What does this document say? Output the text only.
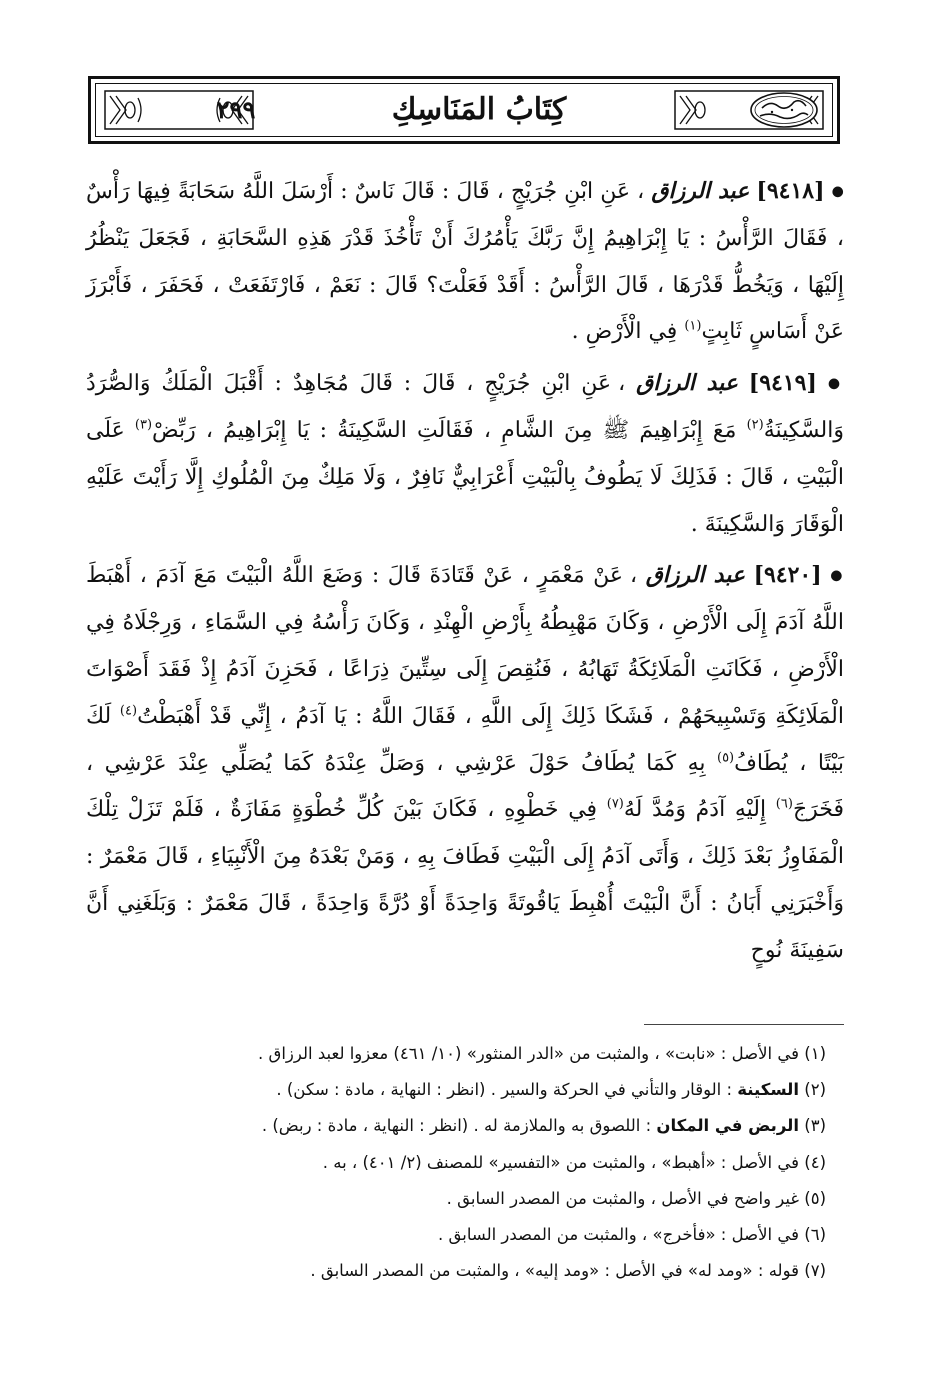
٢٩٩	كِتَابُ المَنَاسِكِ

● [٩٤١٨] عبد الرزاق ، عَنِ ابْنِ جُرَيْجٍ ، قَالَ : قَالَ نَاسٌ : أَرْسَلَ اللَّهُ سَحَابَةً فِيهَا رَأْسٌ ، فَقَالَ الرَّأْسُ : يَا إِبْرَاهِيمُ إِنَّ رَبَّكَ يَأْمُرُكَ أَنْ تَأْخُذَ قَدْرَ هَذِهِ السَّحَابَةِ ، فَجَعَلَ يَنْظُرُ إِلَيْهَا ، وَيَخُطُّ قَدْرَهَا ، قَالَ الرَّأْسُ : أَقَدْ فَعَلْتَ؟ قَالَ : نَعَمْ ، فَارْتَفَعَتْ ، فَحَفَرَ ، فَأَبْرَزَ عَنْ أَسَاسٍ ثَابِتٍ$^{(١)}$ فِي الْأَرْضِ .

● [٩٤١٩] عبد الرزاق ، عَنِ ابْنِ جُرَيْجٍ ، قَالَ : قَالَ مُجَاهِدٌ : أَقْبَلَ الْمَلَكُ وَالصُّرَدُ وَالسَّكِينَةُ$^{(٢)}$ مَعَ إِبْرَاهِيمَ ﷺ مِنَ الشَّامِ ، فَقَالَتِ السَّكِينَةُ : يَا إِبْرَاهِيمُ ، رَبِّضْ$^{(٣)}$ عَلَى الْبَيْتِ ، قَالَ : فَذَلِكَ لَا يَطُوفُ بِالْبَيْتِ أَعْرَابِيٌّ نَافِرٌ ، وَلَا مَلِكٌ مِنَ الْمُلُوكِ إِلَّا رَأَيْتَ عَلَيْهِ الْوَقَارَ وَالسَّكِينَةَ .

● [٩٤٢٠] عبد الرزاق ، عَنْ مَعْمَرٍ ، عَنْ قَتَادَةَ قَالَ : وَضَعَ اللَّهُ الْبَيْتَ مَعَ آدَمَ ، أَهْبَطَ اللَّهُ آدَمَ إِلَى الْأَرْضِ ، وَكَانَ مَهْبِطُهُ بِأَرْضِ الْهِنْدِ ، وَكَانَ رَأْسُهُ فِي السَّمَاءِ ، وَرِجْلَاهُ فِي الْأَرْضِ ، فَكَانَتِ الْمَلَائِكَةُ تَهَابُهُ ، فَنُقِصَ إِلَى سِتِّينَ ذِرَاعًا ، فَحَزِنَ آدَمُ إِذْ فَقَدَ أَصْوَاتَ الْمَلَائِكَةِ وَتَسْبِيحَهُمْ ، فَشَكَا ذَلِكَ إِلَى اللَّهِ ، فَقَالَ اللَّهُ : يَا آدَمُ ، إِنِّي قَدْ أَهْبَطْتُ$^{(٤)}$ لَكَ بَيْتًا ، يُطَافُ$^{(٥)}$ بِهِ كَمَا يُطَافُ حَوْلَ عَرْشِي ، وَصَلِّ عِنْدَهُ كَمَا يُصَلِّي عِنْدَ عَرْشِي ، فَخَرَجَ$^{(٦)}$ إِلَيْهِ آدَمُ وَمُدَّ لَهُ$^{(٧)}$ فِي خَطْوِهِ ، فَكَانَ بَيْنَ كُلِّ خُطْوَةٍ مَفَازَةٌ ، فَلَمْ تَزَلْ تِلْكَ الْمَفَاوِزُ بَعْدَ ذَلِكَ ، وَأَتَى آدَمُ إِلَى الْبَيْتِ فَطَافَ بِهِ ، وَمَنْ بَعْدَهُ مِنَ الْأَنْبِيَاءِ ، قَالَ مَعْمَرٌ : وَأَخْبَرَنِي أَبَانُ : أَنَّ الْبَيْتَ أُهْبِطَ يَاقُوتَةً وَاحِدَةً أَوْ دُرَّةً وَاحِدَةً ، قَالَ مَعْمَرٌ : وَبَلَغَنِي أَنَّ سَفِينَةَ نُوحٍ

(١) في الأصل : «نابت» ، والمثبت من «الدر المنثور» (١٠/ ٤٦١) معزوا لعبد الرزاق .
(٢) السكينة : الوقار والتأني في الحركة والسير . (انظر : النهاية ، مادة : سكن) .
(٣) الربض في المكان : اللصوق به والملازمة له . (انظر : النهاية ، مادة : ربض) .
(٤) في الأصل : «أهبط» ، والمثبت من «التفسير» للمصنف (٢/ ٤٠١) ، به .
(٥) غير واضح في الأصل ، والمثبت من المصدر السابق .
(٦) في الأصل : «فأخرج» ، والمثبت من المصدر السابق .
(٧) قوله : «ومد له» في الأصل : «ومد إليه» ، والمثبت من المصدر السابق .
